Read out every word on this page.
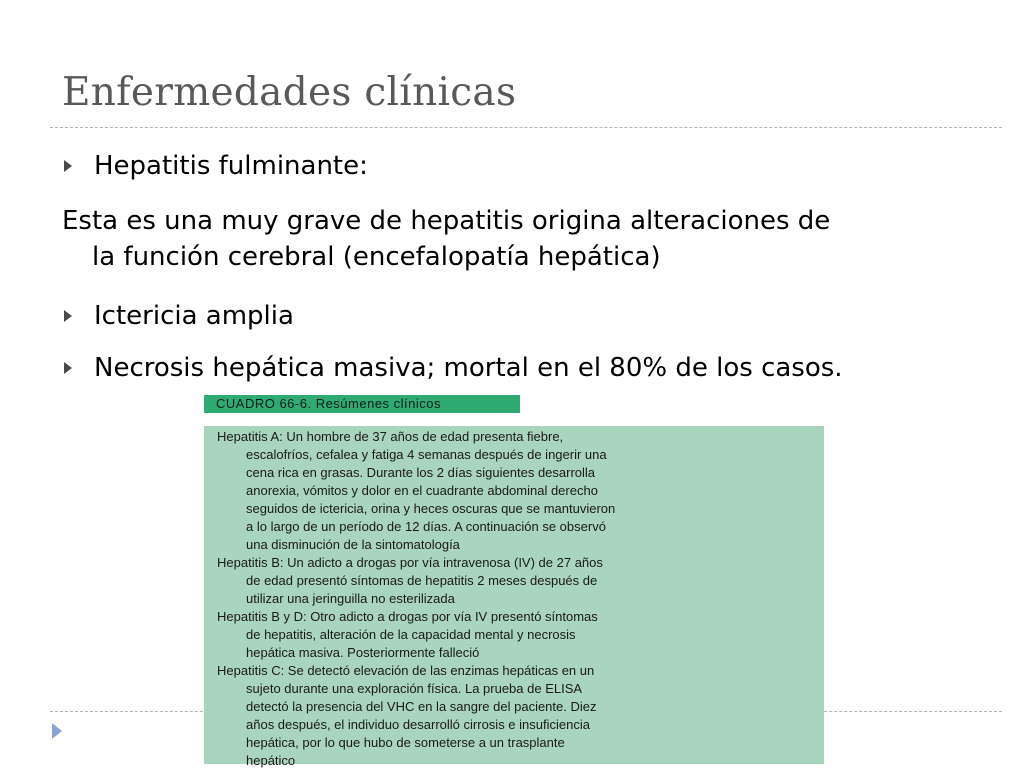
Enfermedades clínicas
Hepatitis fulminante:
Esta es una muy grave de hepatitis origina alteraciones de
la función cerebral (encefalopatía hepática)
Ictericia amplia
Necrosis hepática masiva; mortal en el 80% de los casos.
CUADRO 66-6. Resúmenes clínicos
Hepatitis A: Un hombre de 37 años de edad presenta fiebre,
escalofríos, cefalea y fatiga 4 semanas después de ingerir una
cena rica en grasas. Durante los 2 días siguientes desarrolla
anorexia, vómitos y dolor en el cuadrante abdominal derecho
seguidos de ictericia, orina y heces oscuras que se mantuvieron
a lo largo de un período de 12 días. A continuación se observó
una disminución de la sintomatología
Hepatitis B: Un adicto a drogas por vía intravenosa (IV) de 27 años
de edad presentó síntomas de hepatitis 2 meses después de
utilizar una jeringuilla no esterilizada
Hepatitis B y D: Otro adicto a drogas por vía IV presentó síntomas
de hepatitis, alteración de la capacidad mental y necrosis
hepática masiva. Posteriormente falleció
Hepatitis C: Se detectó elevación de las enzimas hepáticas en un
sujeto durante una exploración física. La prueba de ELISA
detectó la presencia del VHC en la sangre del paciente. Diez
años después, el individuo desarrolló cirrosis e insuficiencia
hepática, por lo que hubo de someterse a un trasplante
hepático
